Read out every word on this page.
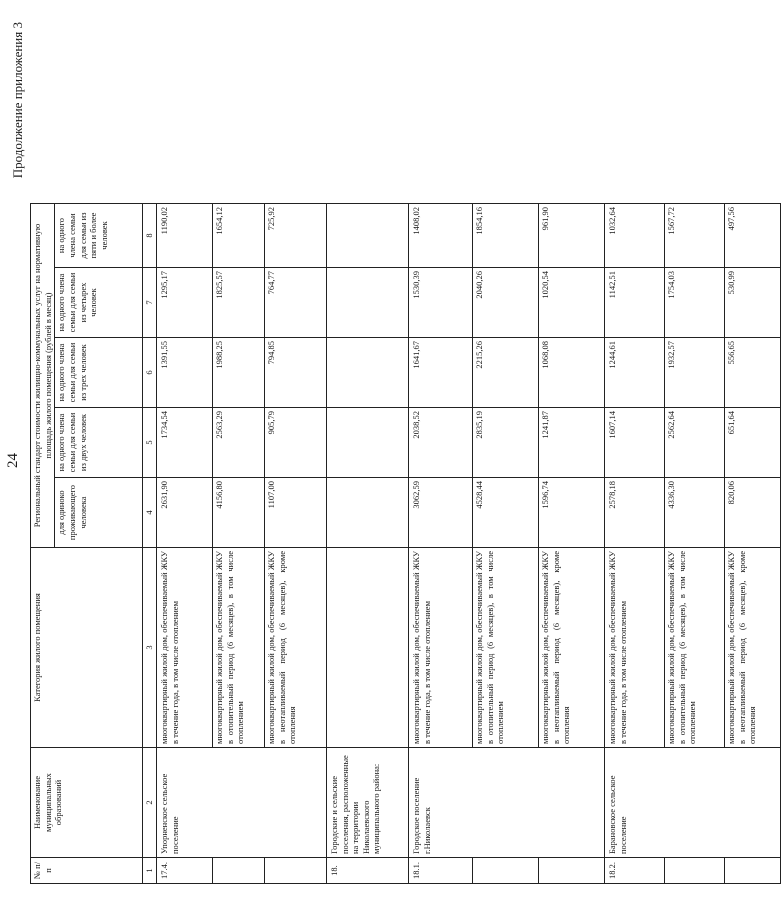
24
Продолжение приложения 3
№ п/п	Наименование муниципальных образований	Категория жилого помещения	Региональный стандарт стоимости жилищно-коммунальных услуг на нормативную площадь жилого помещения (рублей в месяц)				
			для одиноко проживающего человека	на одного члена семьи для семьи из двух человек	на одного члена семьи для семьи из трех человек	на одного члена семьи для семьи из четырех человек	на одного члена семьи для семьи из пяти и более человек
1	2	3	4	5	6	7	8
17.4.	Упорненское сельское поселение	многоквартирный жилой дом, обеспечиваемый ЖКУ в течение года, в том числе отоплением	2631,90	1734,54	1391,55	1295,17	1190,02
		многоквартирный жилой дом, обеспечиваемый ЖКУ в отопительный период (6 месяцев), в том числе отоплением	4156,80	2563,29	1988,25	1825,57	1654,12
		многоквартирный жилой дом, обеспечиваемый ЖКУ в неотапливаемый период (6 месяцев), кроме отопления	1107,00	905,79	794,85	764,77	725,92
18.	Городские и сельские поселения, расположенные на территории Николаевского муниципального района:						
18.1.	Городское поселение г.Николаевск	многоквартирный жилой дом, обеспечиваемый ЖКУ в течение года, в том числе отоплением	3062,59	2038,52	1641,67	1530,39	1408,02
		многоквартирный жилой дом, обеспечиваемый ЖКУ в отопительный период (6 месяцев), в том числе отоплением	4528,44	2835,19	2215,26	2040,26	1854,16
		многоквартирный жилой дом, обеспечиваемый ЖКУ в неотапливаемый период (6 месяцев), кроме отопления	1596,74	1241,87	1068,08	1020,54	961,90
18.2.	Барановское сельское поселение	многоквартирный жилой дом, обеспечиваемый ЖКУ в течение года, в том числе отоплением	2578,18	1607,14	1244,61	1142,51	1032,64
		многоквартирный жилой дом, обеспечиваемый ЖКУ в отопительный период (6 месяцев), в том числе отоплением	4336,30	2562,64	1932,57	1754,03	1567,72
		многоквартирный жилой дом, обеспечиваемый ЖКУ в неотапливаемый период (6 месяцев), кроме отопления	820,06	651,64	556,65	530,99	497,56
